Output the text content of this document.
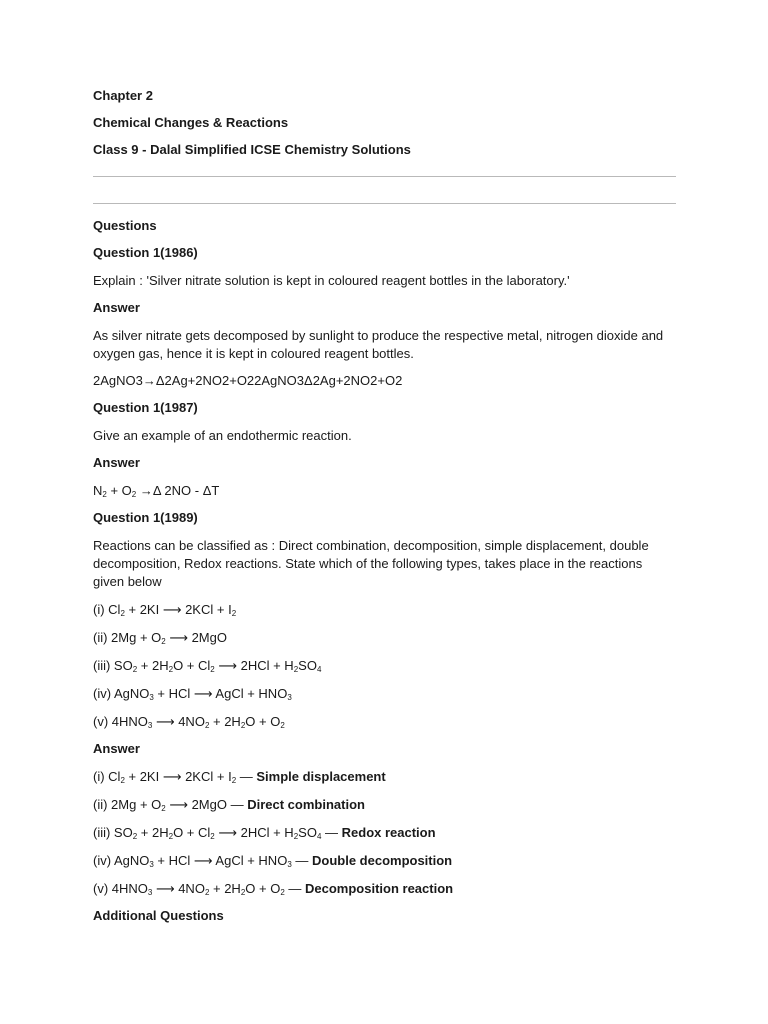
Chapter 2

Chemical Changes & Reactions

Class 9 - Dalal Simplified ICSE Chemistry Solutions

Questions

Question 1(1986)

Explain : 'Silver nitrate solution is kept in coloured reagent bottles in the laboratory.'

Answer

As silver nitrate gets decomposed by sunlight to produce the respective metal, nitrogen dioxide and oxygen gas, hence it is kept in coloured reagent bottles.

2AgNO3→Δ2Ag+2NO2+O22AgNO3Δ2Ag+2NO2+O2

Question 1(1987)

Give an example of an endothermic reaction.

Answer

$N_2 + O_2 \to\Delta$ 2NO - ΔT

Question 1(1989)

Reactions can be classified as : Direct combination, decomposition, simple displacement, double decomposition, Redox reactions. State which of the following types, takes place in the reactions given below

(i) $Cl_2 + 2KI$ ⟶ $2KCl + I_2$

(ii) $2Mg + O_2$ ⟶ 2MgO

(iii) $SO_2 + 2H_2O + Cl_2$ ⟶ $2HCl + H_2SO_4$

(iv) AgNO$_3$ + HCl ⟶ AgCl + $HNO_3$

(v) $4HNO_3$ ⟶ $4NO_2 + 2H_2O + O_2$

Answer

(i) $Cl_2 + 2KI$ ⟶ $2KCl + I_2$ — Simple displacement

(ii) $2Mg + O_2$ ⟶ 2MgO — Direct combination

(iii) $SO_2 + 2H_2O + Cl_2$ ⟶ $2HCl + H_2SO_4$ — Redox reaction

(iv) AgNO$_3$ + HCl ⟶ AgCl + $HNO_3$ — Double decomposition

(v) $4HNO_3$ ⟶ $4NO_2 + 2H_2O + O_2$ — Decomposition reaction

Additional Questions
